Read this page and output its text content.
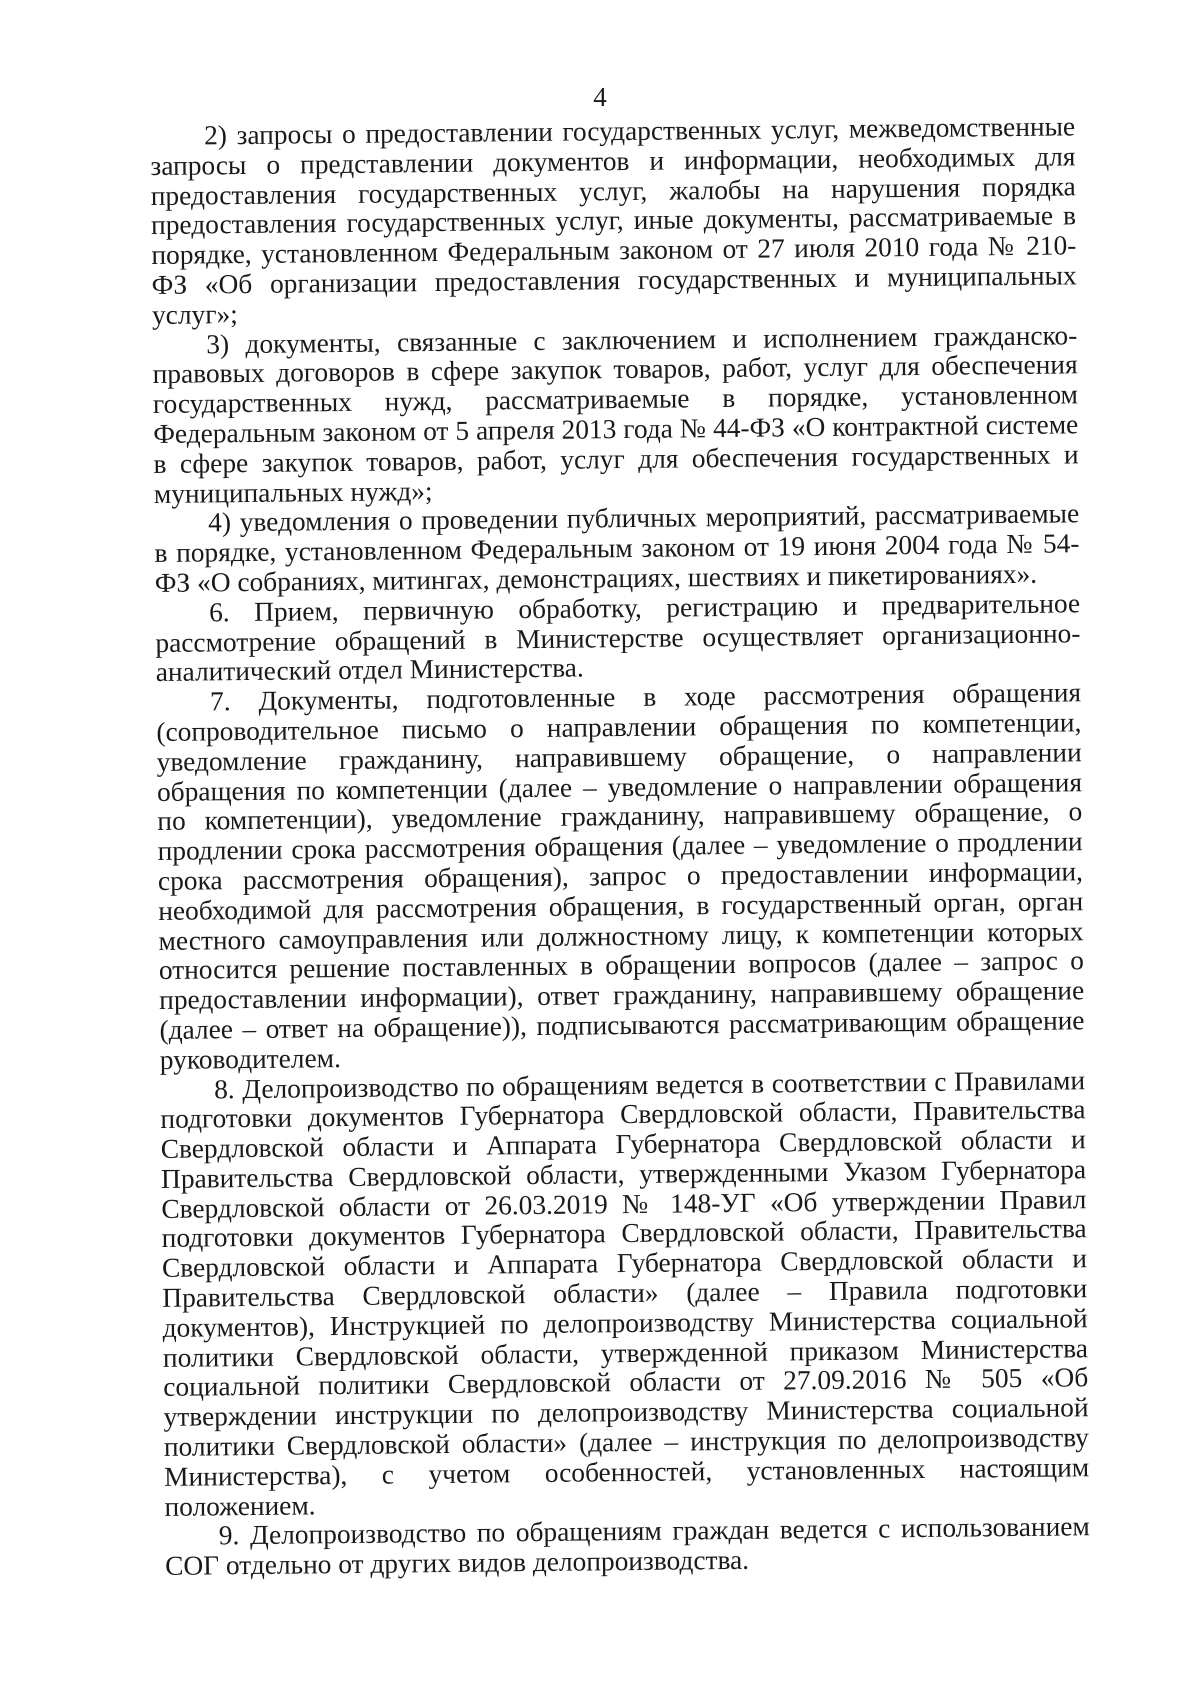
4

2) запросы о предоставлении государственных услуг, межведомственные запросы о представлении документов и информации, необходимых для предоставления государственных услуг, жалобы на нарушения порядка предоставления государственных услуг, иные документы, рассматриваемые в порядке, установленном Федеральным законом от 27 июля 2010 года № 210-ФЗ «Об организации предоставления государственных и муниципальных услуг»;

3) документы, связанные с заключением и исполнением гражданско-правовых договоров в сфере закупок товаров, работ, услуг для обеспечения государственных нужд, рассматриваемые в порядке, установленном Федеральным законом от 5 апреля 2013 года № 44-ФЗ «О контрактной системе в сфере закупок товаров, работ, услуг для обеспечения государственных и муниципальных нужд»;

4) уведомления о проведении публичных мероприятий, рассматриваемые в порядке, установленном Федеральным законом от 19 июня 2004 года № 54-ФЗ «О собраниях, митингах, демонстрациях, шествиях и пикетированиях».

6. Прием, первичную обработку, регистрацию и предварительное рассмотрение обращений в Министерстве осуществляет организационно-аналитический отдел Министерства.

7. Документы, подготовленные в ходе рассмотрения обращения (сопроводительное письмо о направлении обращения по компетенции, уведомление гражданину, направившему обращение, о направлении обращения по компетенции (далее – уведомление о направлении обращения по компетенции), уведомление гражданину, направившему обращение, о продлении срока рассмотрения обращения (далее – уведомление о продлении срока рассмотрения обращения), запрос о предоставлении информации, необходимой для рассмотрения обращения, в государственный орган, орган местного самоуправления или должностному лицу, к компетенции которых относится решение поставленных в обращении вопросов (далее – запрос о предоставлении информации), ответ гражданину, направившему обращение (далее – ответ на обращение)), подписываются рассматривающим обращение руководителем.

8. Делопроизводство по обращениям ведется в соответствии с Правилами подготовки документов Губернатора Свердловской области, Правительства Свердловской области и Аппарата Губернатора Свердловской области и Правительства Свердловской области, утвержденными Указом Губернатора Свердловской области от 26.03.2019 № 148-УГ «Об утверждении Правил подготовки документов Губернатора Свердловской области, Правительства Свердловской области и Аппарата Губернатора Свердловской области и Правительства Свердловской области» (далее – Правила подготовки документов), Инструкцией по делопроизводству Министерства социальной политики Свердловской области, утвержденной приказом Министерства социальной политики Свердловской области от 27.09.2016 № 505 «Об утверждении инструкции по делопроизводству Министерства социальной политики Свердловской области» (далее – инструкция по делопроизводству Министерства), с учетом особенностей, установленных настоящим положением.

9. Делопроизводство по обращениям граждан ведется с использованием СОГ отдельно от других видов делопроизводства.
